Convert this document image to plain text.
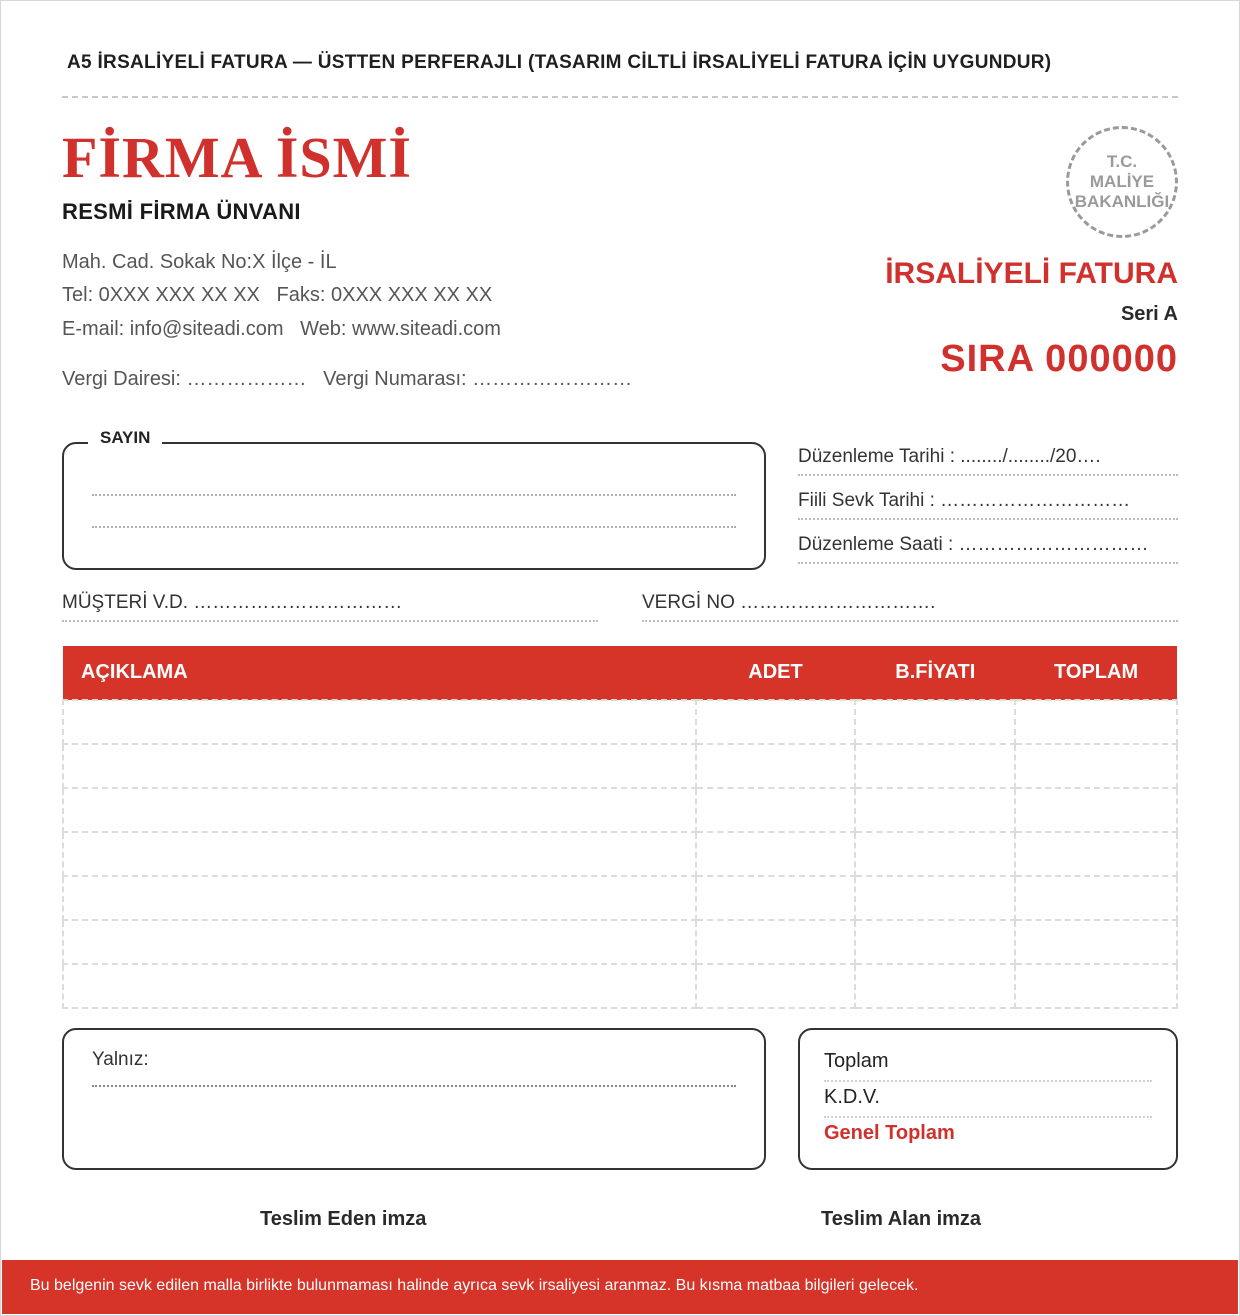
A5 İRSALİYELİ FATURA — ÜSTTEN PERFERAJLI (TASARIM CİLTLİ İRSALİYELİ FATURA İÇİN UYGUNDUR)
FİRMA İSMİ
RESMİ FİRMA ÜNVANI
Mah. Cad. Sokak No:X İlçe - İL
Tel: 0XXX XXX XX XX   Faks: 0XXX XXX XX XX
E-mail: info@siteadi.com   Web: www.siteadi.com
Vergi Dairesi: ………………   Vergi Numarası: ……………………
T.C.
MALİYE
BAKANLIĞI
İRSALİYELİ FATURA
Seri A
SIRA 000000
SAYIN
Düzenleme Tarihi : ......../......../20….
Fiili Sevk Tarihi : …………………………
Düzenleme Saati : …………………………
MÜŞTERİ V.D. ……………………………	VERGİ NO ………………………….
AÇIKLAMA	ADET	B.FİYATI	TOPLAM

Yalnız:	Toplam
K.D.V.
Genel Toplam
Teslim Eden imza	Teslim Alan imza
Bu belgenin sevk edilen malla birlikte bulunmaması halinde ayrıca sevk irsaliyesi aranmaz. Bu kısma matbaa bilgileri gelecek.
